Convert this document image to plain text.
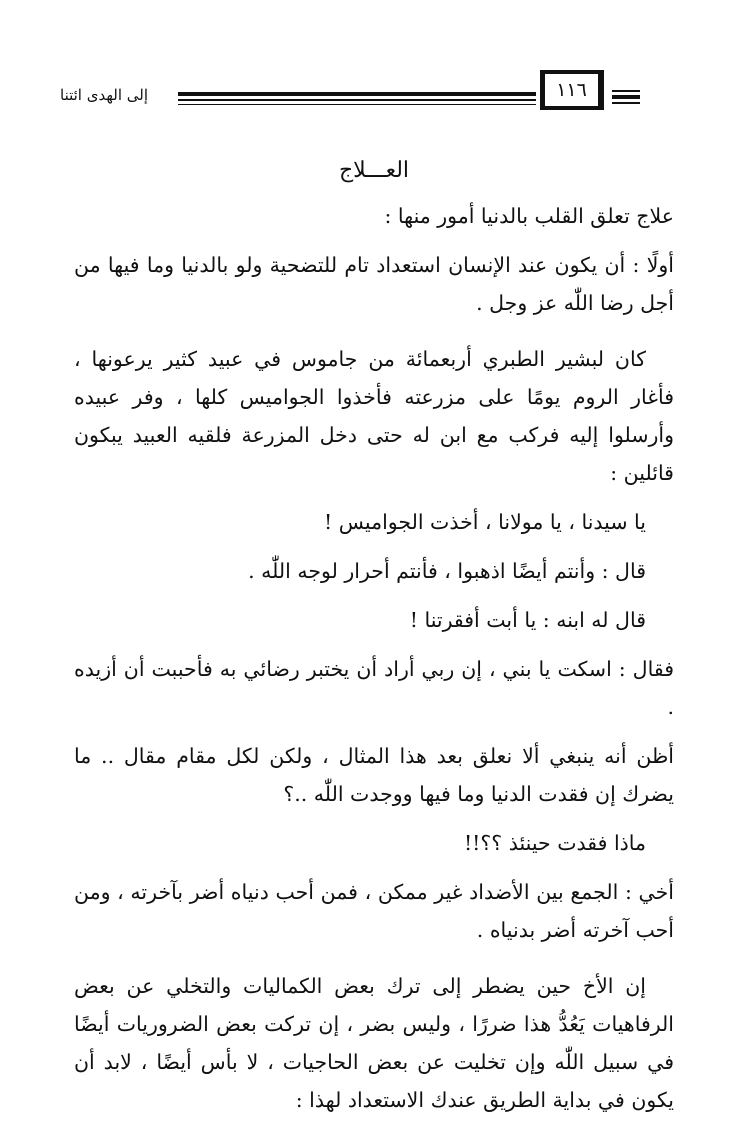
إلى الهدى ائتنا	١١٦
العـــلاج

علاج تعلق القلب بالدنيا أمور منها :

أولًا : أن يكون عند الإنسان استعداد تام للتضحية ولو بالدنيا وما فيها من أجل رضا اللّٰه عز وجل .

كان لبشير الطبري أربعمائة من جاموس في عبيد كثير يرعونها ، فأغار الروم يومًا على مزرعته فأخذوا الجواميس كلها ، وفر عبيده وأرسلوا إليه فركب مع ابن له حتى دخل المزرعة فلقيه العبيد يبكون قائلين :

يا سيدنا ، يا مولانا ، أخذت الجواميس !

قال : وأنتم أيضًا اذهبوا ، فأنتم أحرار لوجه اللّٰه .

قال له ابنه : يا أبت أفقرتنا !

فقال : اسكت يا بني ، إن ربي أراد أن يختبر رضائي به فأحببت أن أزيده .

أظن أنه ينبغي ألا نعلق بعد هذا المثال ، ولكن لكل مقام مقال .. ما يضرك إن فقدت الدنيا وما فيها ووجدت اللّٰه ..؟

ماذا فقدت حينئذ ؟؟!!

أخي : الجمع بين الأضداد غير ممكن ، فمن أحب دنياه أضر بآخرته ، ومن أحب آخرته أضر بدنياه .

إن الأخ حين يضطر إلى ترك بعض الكماليات والتخلي عن بعض الرفاهيات يَعُدُّ هذا ضررًا ، وليس بضر ، إن تركت بعض الضروريات أيضًا في سبيل اللّٰه وإن تخليت عن بعض الحاجيات ، لا بأس أيضًا ، لابد أن يكون في بداية الطريق عندك الاستعداد لهذا :
